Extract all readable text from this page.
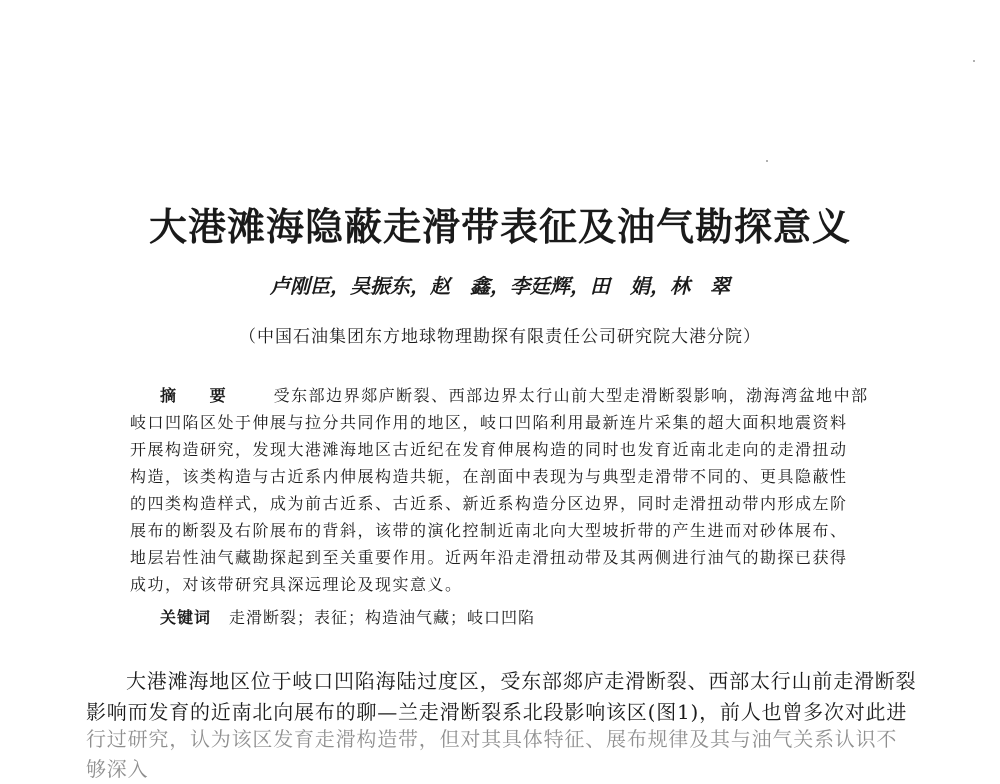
大港滩海隐蔽走滑带表征及油气勘探意义
卢刚臣，吴振东，赵　鑫，李廷辉，田　娟，林　翠
（中国石油集团东方地球物理勘探有限责任公司研究院大港分院）
摘 要 受东部边界郯庐断裂、西部边界太行山前大型走滑断裂影响，渤海湾盆地中部
岐口凹陷区处于伸展与拉分共同作用的地区，岐口凹陷利用最新连片采集的超大面积地震资料
开展构造研究，发现大港滩海地区古近纪在发育伸展构造的同时也发育近南北走向的走滑扭动
构造，该类构造与古近系内伸展构造共轭，在剖面中表现为与典型走滑带不同的、更具隐蔽性
的四类构造样式，成为前古近系、古近系、新近系构造分区边界，同时走滑扭动带内形成左阶
展布的断裂及右阶展布的背斜，该带的演化控制近南北向大型坡折带的产生进而对砂体展布、
地层岩性油气藏勘探起到至关重要作用。近两年沿走滑扭动带及其两侧进行油气的勘探已获得
成功，对该带研究具深远理论及现实意义。
关键词 走滑断裂；表征；构造油气藏；岐口凹陷
大港滩海地区位于岐口凹陷海陆过度区，受东部郯庐走滑断裂、西部太行山前走滑断裂
影响而发育的近南北向展布的聊—兰走滑断裂系北段影响该区(图1)，前人也曾多次对此进
行过研究，认为该区发育走滑构造带，但对其具体特征、展布规律及其与油气关系认识不够深入
